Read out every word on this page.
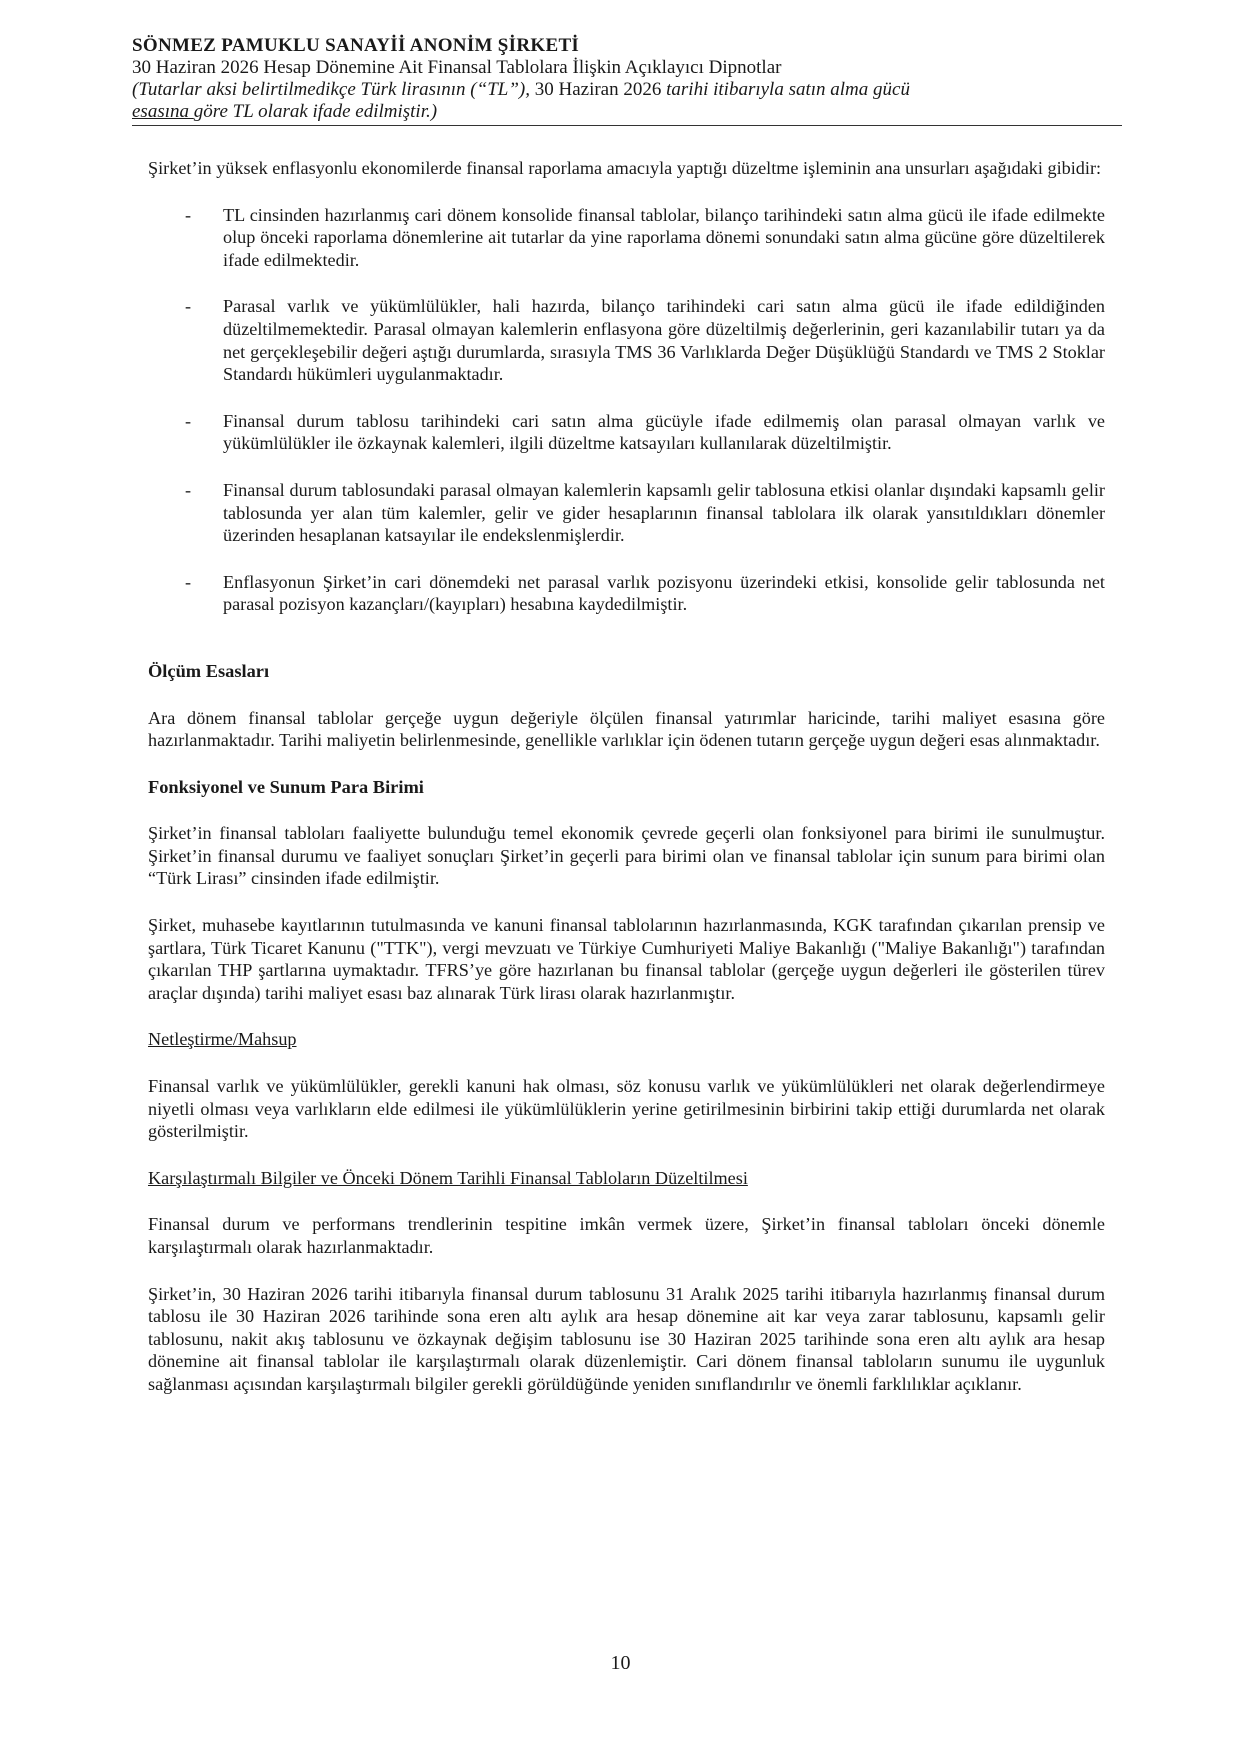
SÖNMEZ PAMUKLU SANAYİİ ANONİM ŞİRKETİ
30 Haziran 2026 Hesap Dönemine Ait Finansal Tablolara İlişkin Açıklayıcı Dipnotlar
(Tutarlar aksi belirtilmedikçe Türk lirasının (“TL”), 30 Haziran 2026 tarihi itibarıyla satın alma gücü
esasına göre TL olarak ifade edilmiştir.)

Şirket’in yüksek enflasyonlu ekonomilerde finansal raporlama amacıyla yaptığı düzeltme işleminin ana unsurları aşağıdaki gibidir:

- TL cinsinden hazırlanmış cari dönem konsolide finansal tablolar, bilanço tarihindeki satın alma gücü ile ifade edilmekte olup önceki raporlama dönemlerine ait tutarlar da yine raporlama dönemi sonundaki satın alma gücüne göre düzeltilerek ifade edilmektedir.
- Parasal varlık ve yükümlülükler, hali hazırda, bilanço tarihindeki cari satın alma gücü ile ifade edildiğinden düzeltilmemektedir. Parasal olmayan kalemlerin enflasyona göre düzeltilmiş değerlerinin, geri kazanılabilir tutarı ya da net gerçekleşebilir değeri aştığı durumlarda, sırasıyla TMS 36 Varlıklarda Değer Düşüklüğü Standardı ve TMS 2 Stoklar Standardı hükümleri uygulanmaktadır.
- Finansal durum tablosu tarihindeki cari satın alma gücüyle ifade edilmemiş olan parasal olmayan varlık ve yükümlülükler ile özkaynak kalemleri, ilgili düzeltme katsayıları kullanılarak düzeltilmiştir.
- Finansal durum tablosundaki parasal olmayan kalemlerin kapsamlı gelir tablosuna etkisi olanlar dışındaki kapsamlı gelir tablosunda yer alan tüm kalemler, gelir ve gider hesaplarının finansal tablolara ilk olarak yansıtıldıkları dönemler üzerinden hesaplanan katsayılar ile endekslenmişlerdir.
- Enflasyonun Şirket’in cari dönemdeki net parasal varlık pozisyonu üzerindeki etkisi, konsolide gelir tablosunda net parasal pozisyon kazançları/(kayıpları) hesabına kaydedilmiştir.
Ölçüm Esasları

Ara dönem finansal tablolar gerçeğe uygun değeriyle ölçülen finansal yatırımlar haricinde, tarihi maliyet esasına göre hazırlanmaktadır. Tarihi maliyetin belirlenmesinde, genellikle varlıklar için ödenen tutarın gerçeğe uygun değeri esas alınmaktadır.

Fonksiyonel ve Sunum Para Birimi

Şirket’in finansal tabloları faaliyette bulunduğu temel ekonomik çevrede geçerli olan fonksiyonel para birimi ile sunulmuştur. Şirket’in finansal durumu ve faaliyet sonuçları Şirket’in geçerli para birimi olan ve finansal tablolar için sunum para birimi olan “Türk Lirası” cinsinden ifade edilmiştir.

Şirket, muhasebe kayıtlarının tutulmasında ve kanuni finansal tablolarının hazırlanmasında, KGK tarafından çıkarılan prensip ve şartlara, Türk Ticaret Kanunu ("TTK"), vergi mevzuatı ve Türkiye Cumhuriyeti Maliye Bakanlığı ("Maliye Bakanlığı") tarafından çıkarılan THP şartlarına uymaktadır. TFRS’ye göre hazırlanan bu finansal tablolar (gerçeğe uygun değerleri ile gösterilen türev araçlar dışında) tarihi maliyet esası baz alınarak Türk lirası olarak hazırlanmıştır.

Netleştirme/Mahsup

Finansal varlık ve yükümlülükler, gerekli kanuni hak olması, söz konusu varlık ve yükümlülükleri net olarak değerlendirmeye niyetli olması veya varlıkların elde edilmesi ile yükümlülüklerin yerine getirilmesinin birbirini takip ettiği durumlarda net olarak gösterilmiştir.

Karşılaştırmalı Bilgiler ve Önceki Dönem Tarihli Finansal Tabloların Düzeltilmesi

Finansal durum ve performans trendlerinin tespitine imkân vermek üzere, Şirket’in finansal tabloları önceki dönemle karşılaştırmalı olarak hazırlanmaktadır.

Şirket’in, 30 Haziran 2026 tarihi itibarıyla finansal durum tablosunu 31 Aralık 2025 tarihi itibarıyla hazırlanmış finansal durum tablosu ile 30 Haziran 2026 tarihinde sona eren altı aylık ara hesap dönemine ait kar veya zarar tablosunu, kapsamlı gelir tablosunu, nakit akış tablosunu ve özkaynak değişim tablosunu ise 30 Haziran 2025 tarihinde sona eren altı aylık ara hesap dönemine ait finansal tablolar ile karşılaştırmalı olarak düzenlemiştir. Cari dönem finansal tabloların sunumu ile uygunluk sağlanması açısından karşılaştırmalı bilgiler gerekli görüldüğünde yeniden sınıflandırılır ve önemli farklılıklar açıklanır.

10
